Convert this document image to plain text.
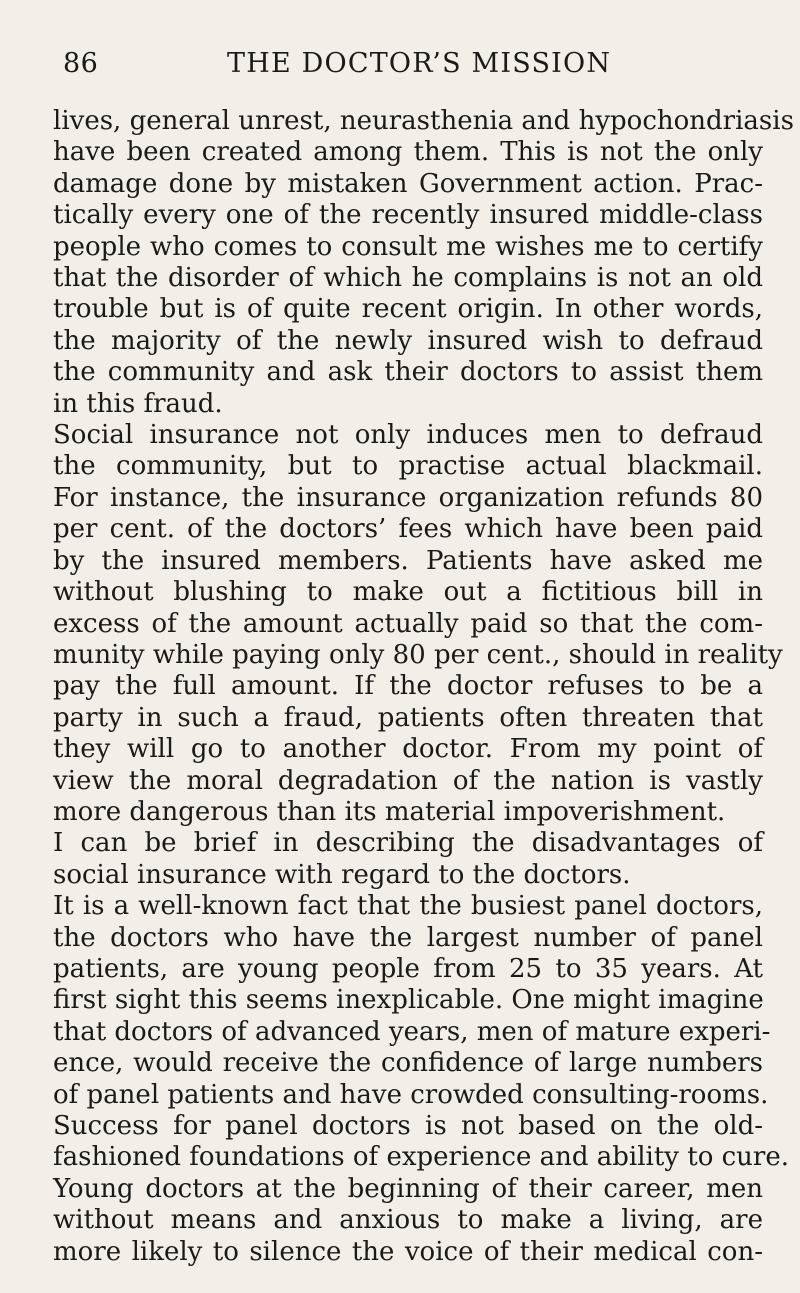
86	THE DOCTOR’S MISSION
lives, general unrest, neurasthenia and hypochondriasis
have been created among them. This is not the only
damage done by mistaken Government action. Prac-
tically every one of the recently insured middle-class
people who comes to consult me wishes me to certify
that the disorder of which he complains is not an old
trouble but is of quite recent origin. In other words,
the majority of the newly insured wish to defraud
the community and ask their doctors to assist them
in this fraud.
Social insurance not only induces men to defraud
the community, but to practise actual blackmail.
For instance, the insurance organization refunds 80
per cent. of the doctors’ fees which have been paid
by the insured members. Patients have asked me
without blushing to make out a fictitious bill in
excess of the amount actually paid so that the com-
munity while paying only 80 per cent., should in reality
pay the full amount. If the doctor refuses to be a
party in such a fraud, patients often threaten that
they will go to another doctor. From my point of
view the moral degradation of the nation is vastly
more dangerous than its material impoverishment.
I can be brief in describing the disadvantages of
social insurance with regard to the doctors.
It is a well-known fact that the busiest panel doctors,
the doctors who have the largest number of panel
patients, are young people from 25 to 35 years. At
first sight this seems inexplicable. One might imagine
that doctors of advanced years, men of mature experi-
ence, would receive the confidence of large numbers
of panel patients and have crowded consulting-rooms.
Success for panel doctors is not based on the old-
fashioned foundations of experience and ability to cure.
Young doctors at the beginning of their career, men
without means and anxious to make a living, are
more likely to silence the voice of their medical con-
